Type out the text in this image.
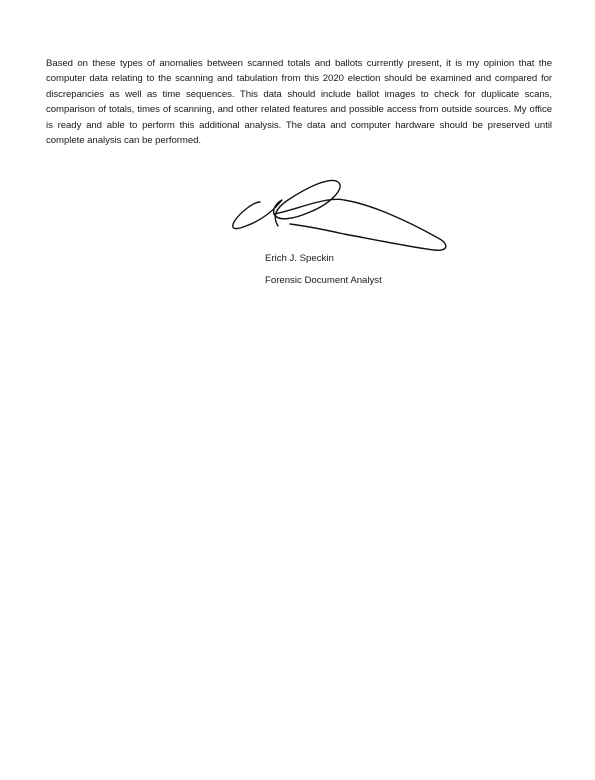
Based on these types of anomalies between scanned totals and ballots currently present, it is my opinion that the computer data relating to the scanning and tabulation from this 2020 election should be examined and compared for discrepancies as well as time sequences. This data should include ballot images to check for duplicate scans, comparison of totals, times of scanning, and other related features and possible access from outside sources. My office is ready and able to perform this additional analysis. The data and computer hardware should be preserved until complete analysis can be performed.

Erich J. Speckin
Forensic Document Analyst
